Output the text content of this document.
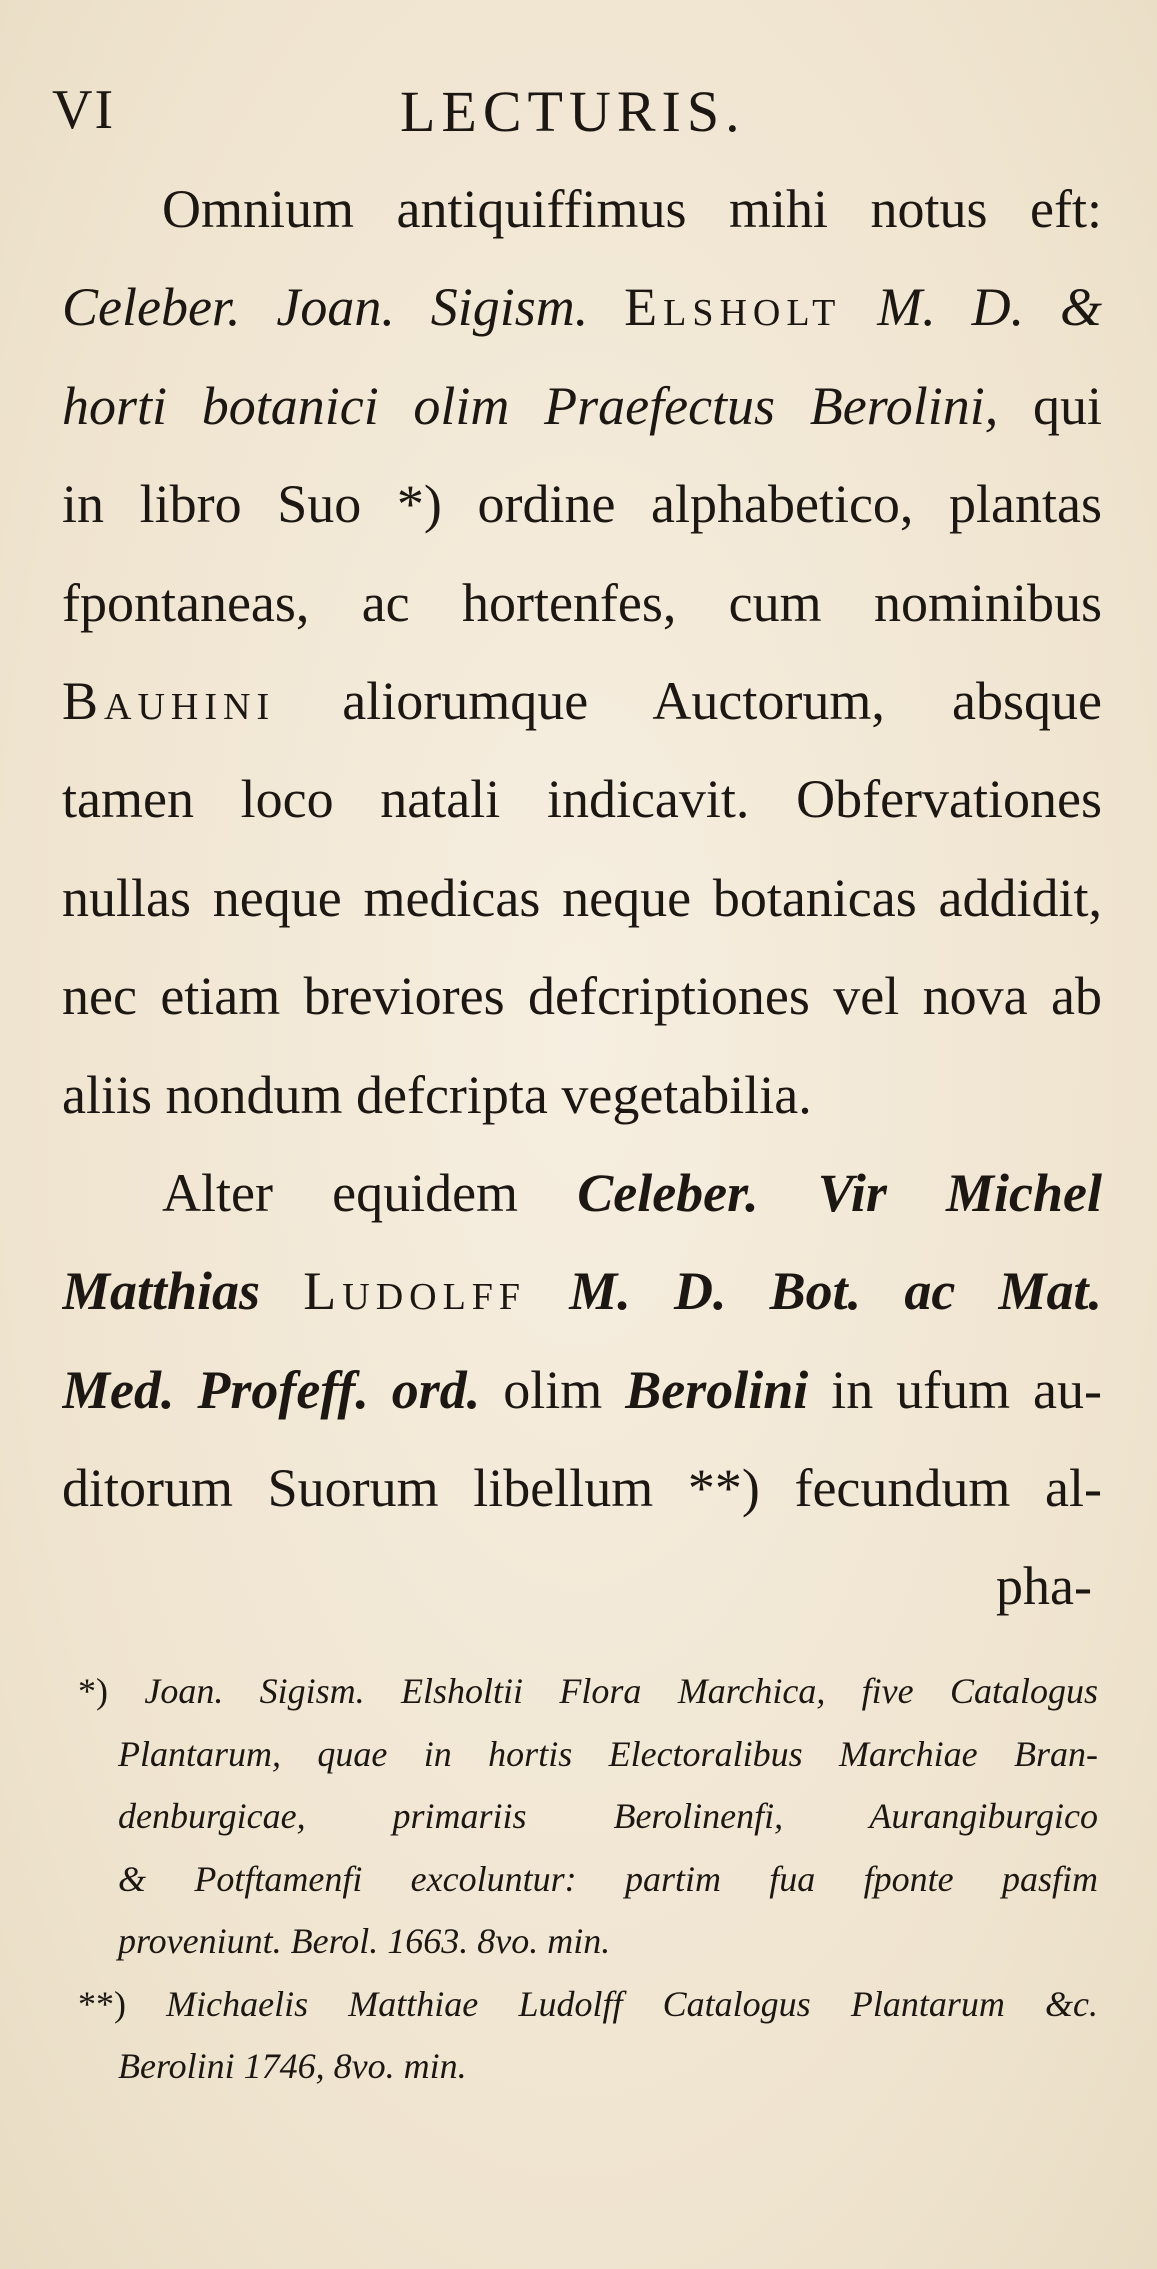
VI	LECTURIS.
Omnium antiquiffimus mihi notus eft:
Celeber. Joan. Sigism. Elsholt M. D. &
horti botanici olim Praefectus Berolini, qui
in libro Suo *) ordine alphabetico, plantas
fpontaneas, ac hortenfes, cum nominibus
Bauhini aliorumque Auctorum, absque
tamen loco natali indicavit. Obfervationes
nullas neque medicas neque botanicas addidit,
nec etiam breviores defcriptiones vel nova ab
aliis nondum defcripta vegetabilia.
Alter equidem Celeber. Vir Michel
Matthias Ludolff M. D. Bot. ac Mat.
Med. Profeff. ord. olim Berolini in ufum au-
ditorum Suorum libellum **) fecundum al-
pha-
*) Joan. Sigism. Elsholtii Flora Marchica, five Catalogus
Plantarum, quae in hortis Electoralibus Marchiae Bran-
denburgicae, primariis Berolinenfi, Aurangiburgico
& Potftamenfi excoluntur: partim fua fponte pasfim
proveniunt. Berol. 1663. 8vo. min.
**) Michaelis Matthiae Ludolff Catalogus Plantarum &c.
Berolini 1746, 8vo. min.
